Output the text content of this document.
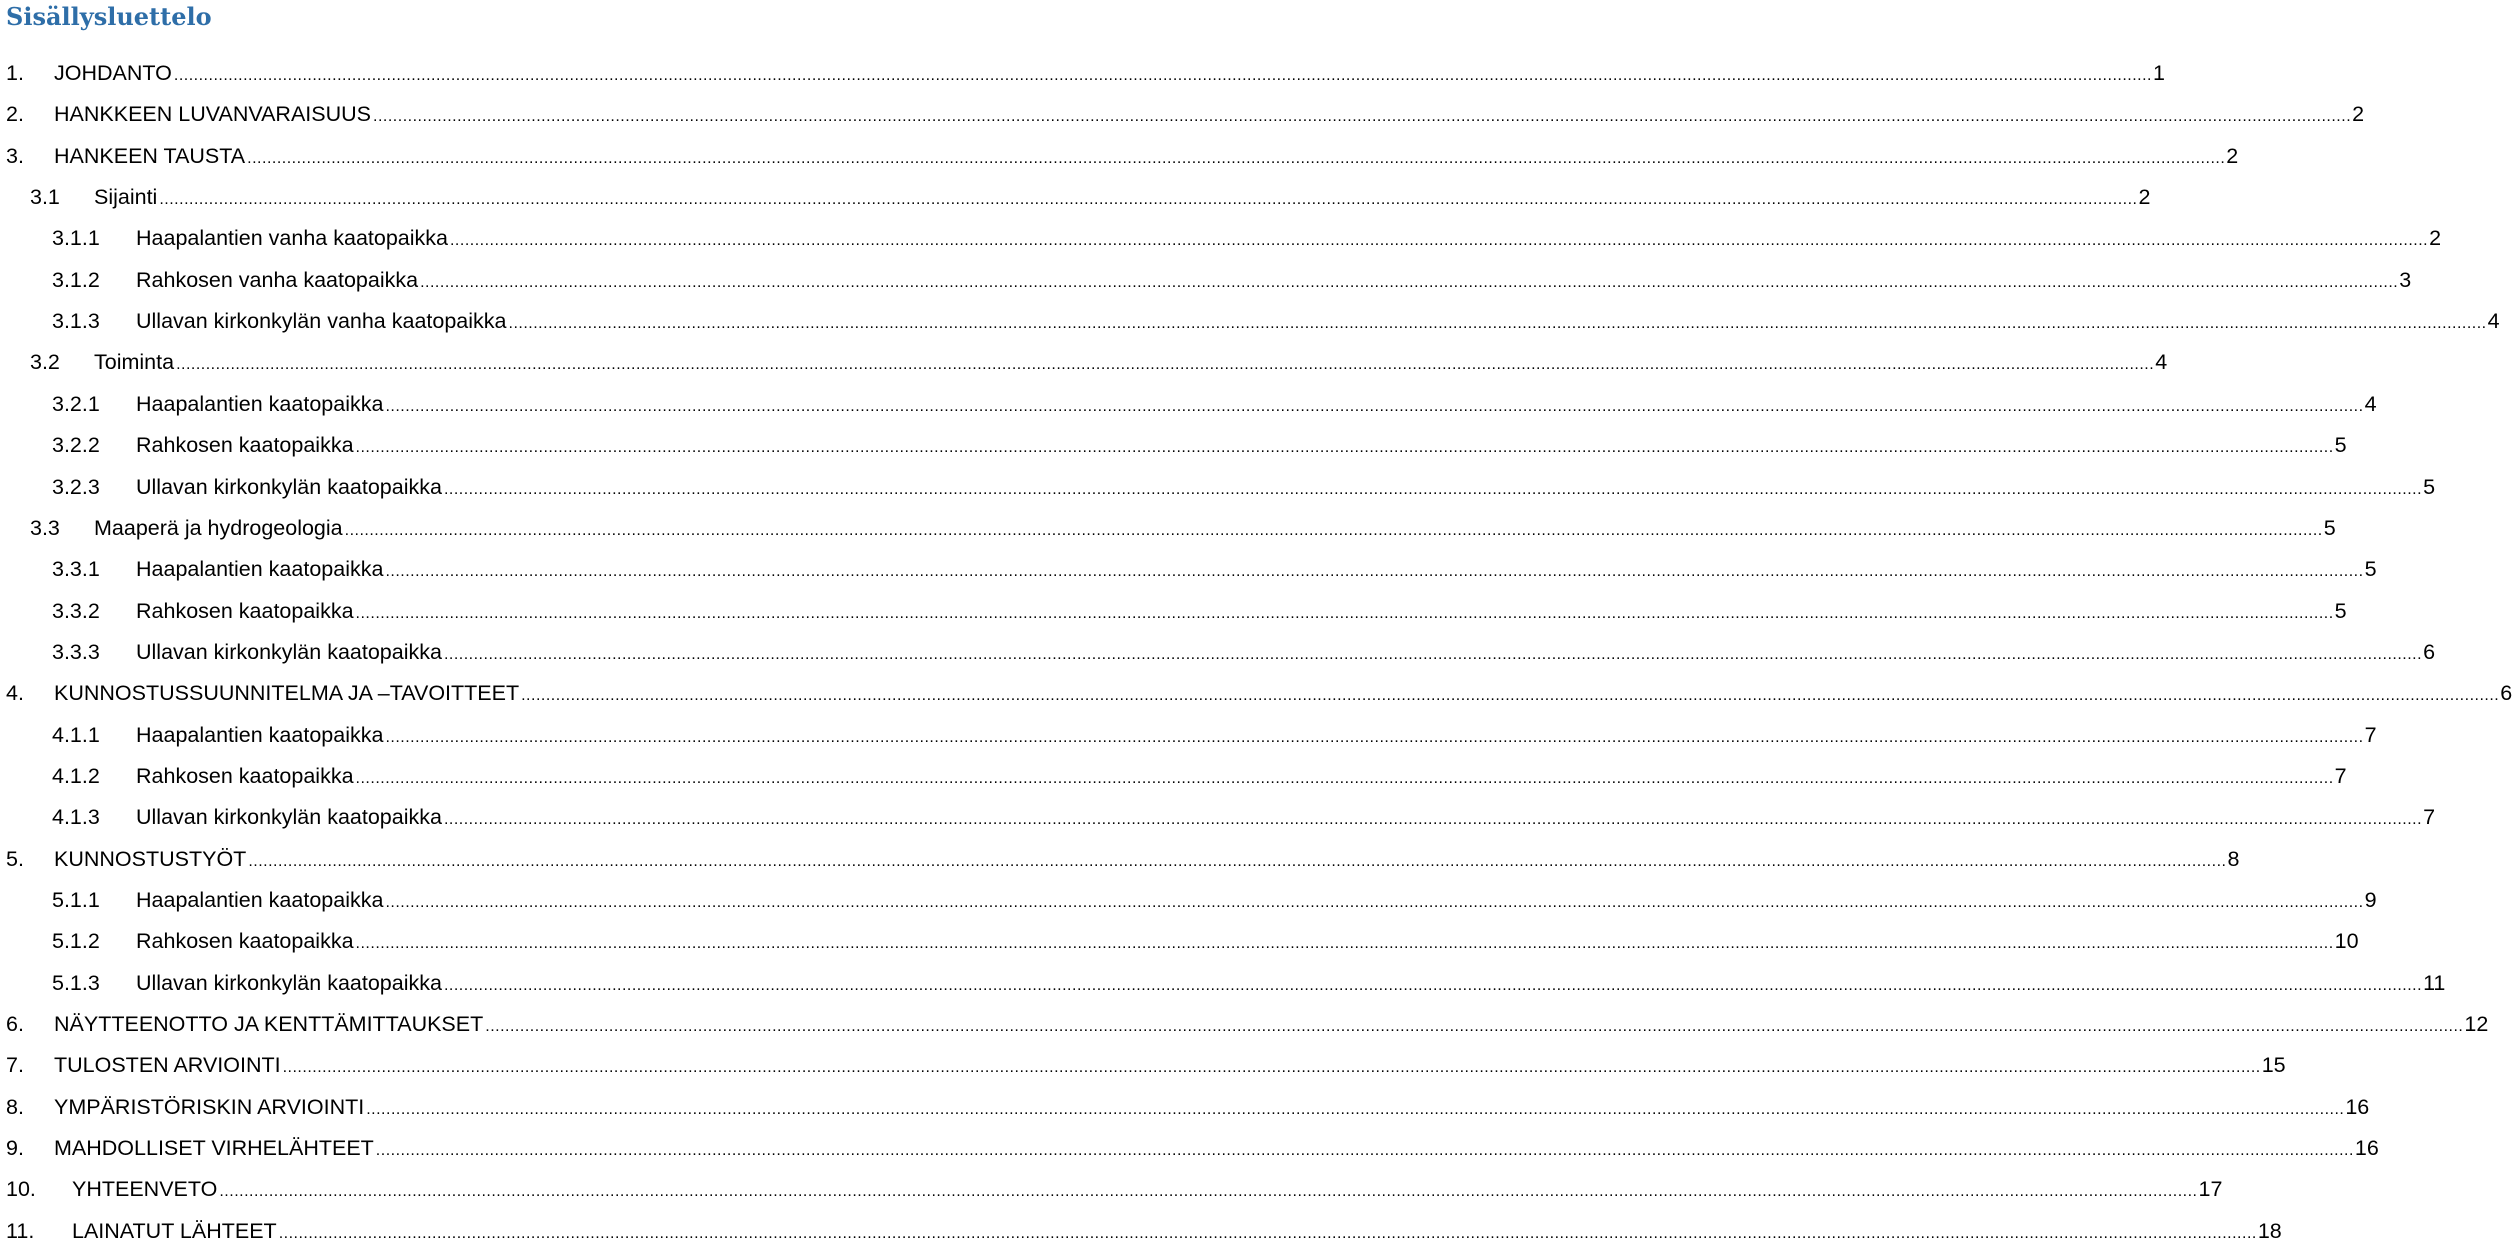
Sisällysluettelo
1.	JOHDANTO ................................................................................................................................................................................................................................................................................................................................................................................................................ 1
2.	HANKKEEN LUVANVARAISUUS ................................................................................................................................................................................................................................................................................................................................................................................................................ 2
3.	HANKEEN TAUSTA ................................................................................................................................................................................................................................................................................................................................................................................................................ 2
3.1	Sijainti ................................................................................................................................................................................................................................................................................................................................................................................................................ 2
3.1.1	Haapalantien vanha kaatopaikka ................................................................................................................................................................................................................................................................................................................................................................................................................ 2
3.1.2	Rahkosen vanha kaatopaikka ................................................................................................................................................................................................................................................................................................................................................................................................................ 3
3.1.3	Ullavan kirkonkylän vanha kaatopaikka ................................................................................................................................................................................................................................................................................................................................................................................................................ 4
3.2	Toiminta ................................................................................................................................................................................................................................................................................................................................................................................................................ 4
3.2.1	Haapalantien kaatopaikka ................................................................................................................................................................................................................................................................................................................................................................................................................ 4
3.2.2	Rahkosen kaatopaikka ................................................................................................................................................................................................................................................................................................................................................................................................................ 5
3.2.3	Ullavan kirkonkylän kaatopaikka ................................................................................................................................................................................................................................................................................................................................................................................................................ 5
3.3	Maaperä ja hydrogeologia ................................................................................................................................................................................................................................................................................................................................................................................................................ 5
3.3.1	Haapalantien kaatopaikka ................................................................................................................................................................................................................................................................................................................................................................................................................ 5
3.3.2	Rahkosen kaatopaikka ................................................................................................................................................................................................................................................................................................................................................................................................................ 5
3.3.3	Ullavan kirkonkylän kaatopaikka ................................................................................................................................................................................................................................................................................................................................................................................................................ 6
4.	KUNNOSTUSSUUNNITELMA JA –TAVOITTEET ................................................................................................................................................................................................................................................................................................................................................................................................................ 6
4.1.1	Haapalantien kaatopaikka ................................................................................................................................................................................................................................................................................................................................................................................................................ 7
4.1.2	Rahkosen kaatopaikka ................................................................................................................................................................................................................................................................................................................................................................................................................ 7
4.1.3	Ullavan kirkonkylän kaatopaikka ................................................................................................................................................................................................................................................................................................................................................................................................................ 7
5.	KUNNOSTUSTYÖT ................................................................................................................................................................................................................................................................................................................................................................................................................ 8
5.1.1	Haapalantien kaatopaikka ................................................................................................................................................................................................................................................................................................................................................................................................................ 9
5.1.2	Rahkosen kaatopaikka ................................................................................................................................................................................................................................................................................................................................................................................................................ 10
5.1.3	Ullavan kirkonkylän kaatopaikka ................................................................................................................................................................................................................................................................................................................................................................................................................ 11
6.	NÄYTTEENOTTO JA KENTTÄMITTAUKSET ................................................................................................................................................................................................................................................................................................................................................................................................................ 12
7.	TULOSTEN ARVIOINTI ................................................................................................................................................................................................................................................................................................................................................................................................................ 15
8.	YMPÄRISTÖRISKIN ARVIOINTI ................................................................................................................................................................................................................................................................................................................................................................................................................ 16
9.	MAHDOLLISET VIRHELÄHTEET ................................................................................................................................................................................................................................................................................................................................................................................................................ 16
10.	YHTEENVETO ................................................................................................................................................................................................................................................................................................................................................................................................................ 17
11.	LAINATUT LÄHTEET ................................................................................................................................................................................................................................................................................................................................................................................................................ 18
